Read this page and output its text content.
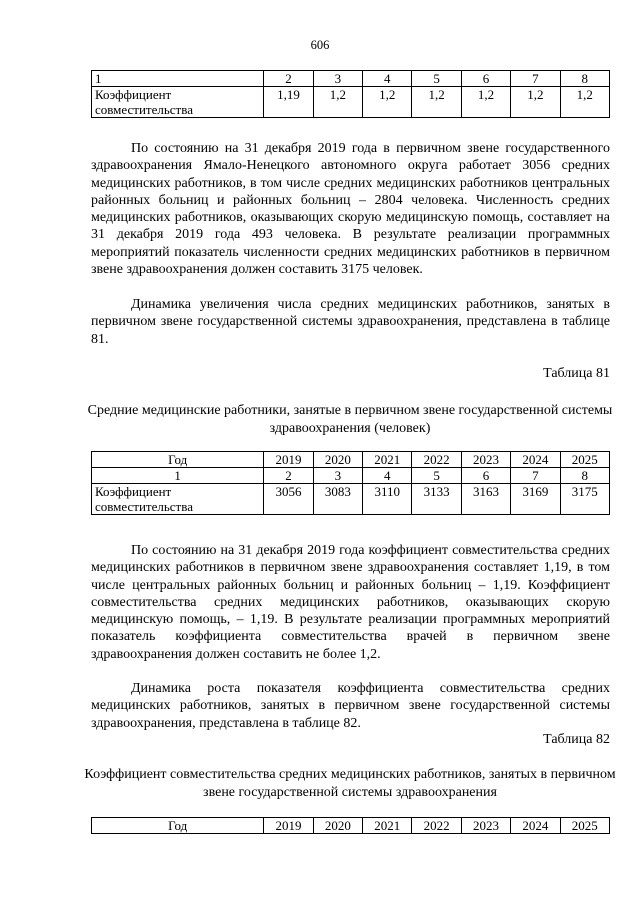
606
1	2	3	4	5	6	7	8
Коэффициент совместительства	1,19	1,2	1,2	1,2	1,2	1,2	1,2

По состоянию на 31 декабря 2019 года в первичном звене государственного здравоохранения Ямало-Ненецкого автономного округа работает 3056 средних медицинских работников, в том числе средних медицинских работников центральных районных больниц и районных больниц – 2804 человека. Численность средних медицинских работников, оказывающих скорую медицинскую помощь, составляет на 31 декабря 2019 года 493 человека. В результате реализации программных мероприятий показатель численности средних медицинских работников в первичном звене здравоохранения должен составить 3175 человек.

Динамика увеличения числа средних медицинских работников, занятых в первичном звене государственной системы здравоохранения, представлена в таблице 81.

Таблица 81
Средние медицинские работники, занятые в первичном звене государственной системы здравоохранения (человек)
Год	2019	2020	2021	2022	2023	2024	2025
1	2	3	4	5	6	7	8
Коэффициент совместительства	3056	3083	3110	3133	3163	3169	3175

По состоянию на 31 декабря 2019 года коэффициент совместительства средних медицинских работников в первичном звене здравоохранения составляет 1,19, в том числе центральных районных больниц и районных больниц – 1,19. Коэффициент совместительства средних медицинских работников, оказывающих скорую медицинскую помощь, – 1,19. В результате реализации программных мероприятий показатель коэффициента совместительства врачей в первичном звене здравоохранения должен составить не более 1,2.

Динамика роста показателя коэффициента совместительства средних медицинских работников, занятых в первичном звене государственной системы здравоохранения, представлена в таблице 82.

Таблица 82
Коэффициент совместительства средних медицинских работников, занятых в первичном звене государственной системы здравоохранения
Год	2019	2020	2021	2022	2023	2024	2025
